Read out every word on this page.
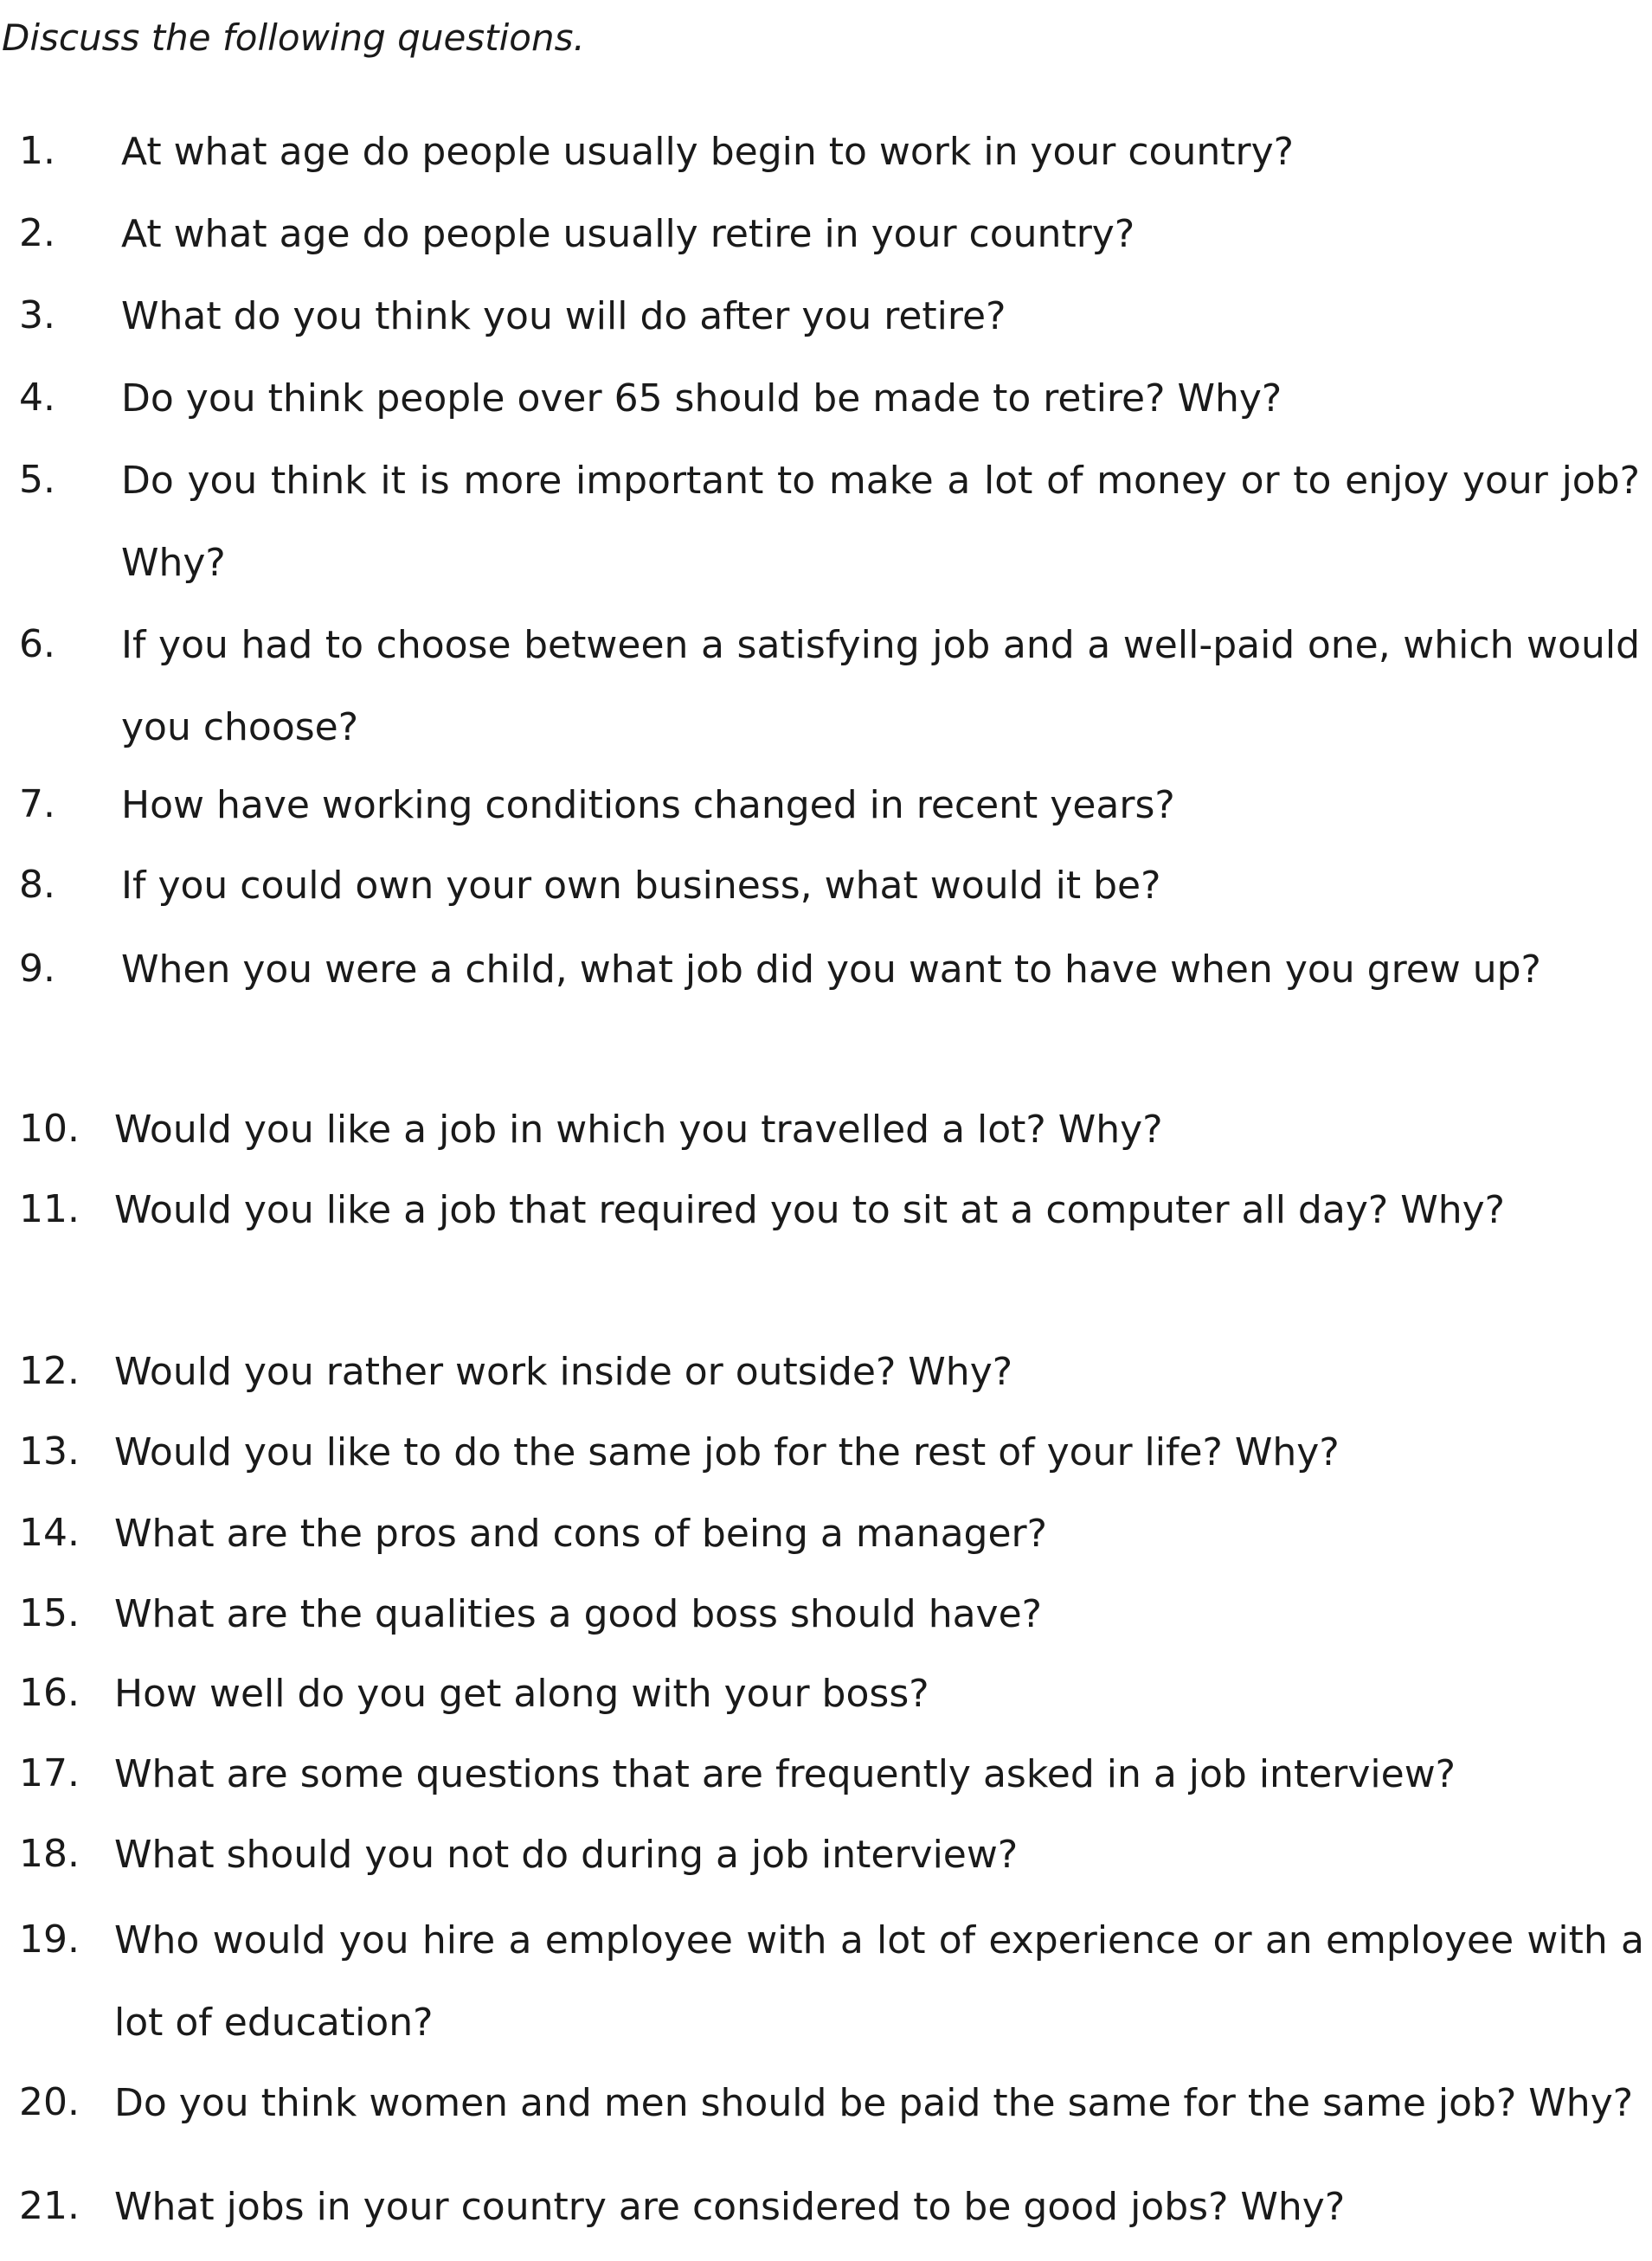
Discuss the following questions.
1. At what age do people usually begin to work in your country?
2. At what age do people usually retire in your country?
3. What do you think you will do after you retire?
4. Do you think people over 65 should be made to retire? Why?
5. Do you think it is more important to make a lot of money or to enjoy your job? Why?
6. If you had to choose between a satisfying job and a well-paid one, which would you choose?
7. How have working conditions changed in recent years?
8. If you could own your own business, what would it be?
9. When you were a child, what job did you want to have when you grew up?
10. Would you like a job in which you travelled a lot? Why?
11. Would you like a job that required you to sit at a computer all day? Why?
12. Would you rather work inside or outside? Why?
13. Would you like to do the same job for the rest of your life? Why?
14. What are the pros and cons of being a manager?
15. What are the qualities a good boss should have?
16. How well do you get along with your boss?
17. What are some questions that are frequently asked in a job interview?
18. What should you not do during a job interview?
19. Who would you hire a employee with a lot of experience or an employee with a lot of education?
20. Do you think women and men should be paid the same for the same job? Why?
21. What jobs in your country are considered to be good jobs? Why?
